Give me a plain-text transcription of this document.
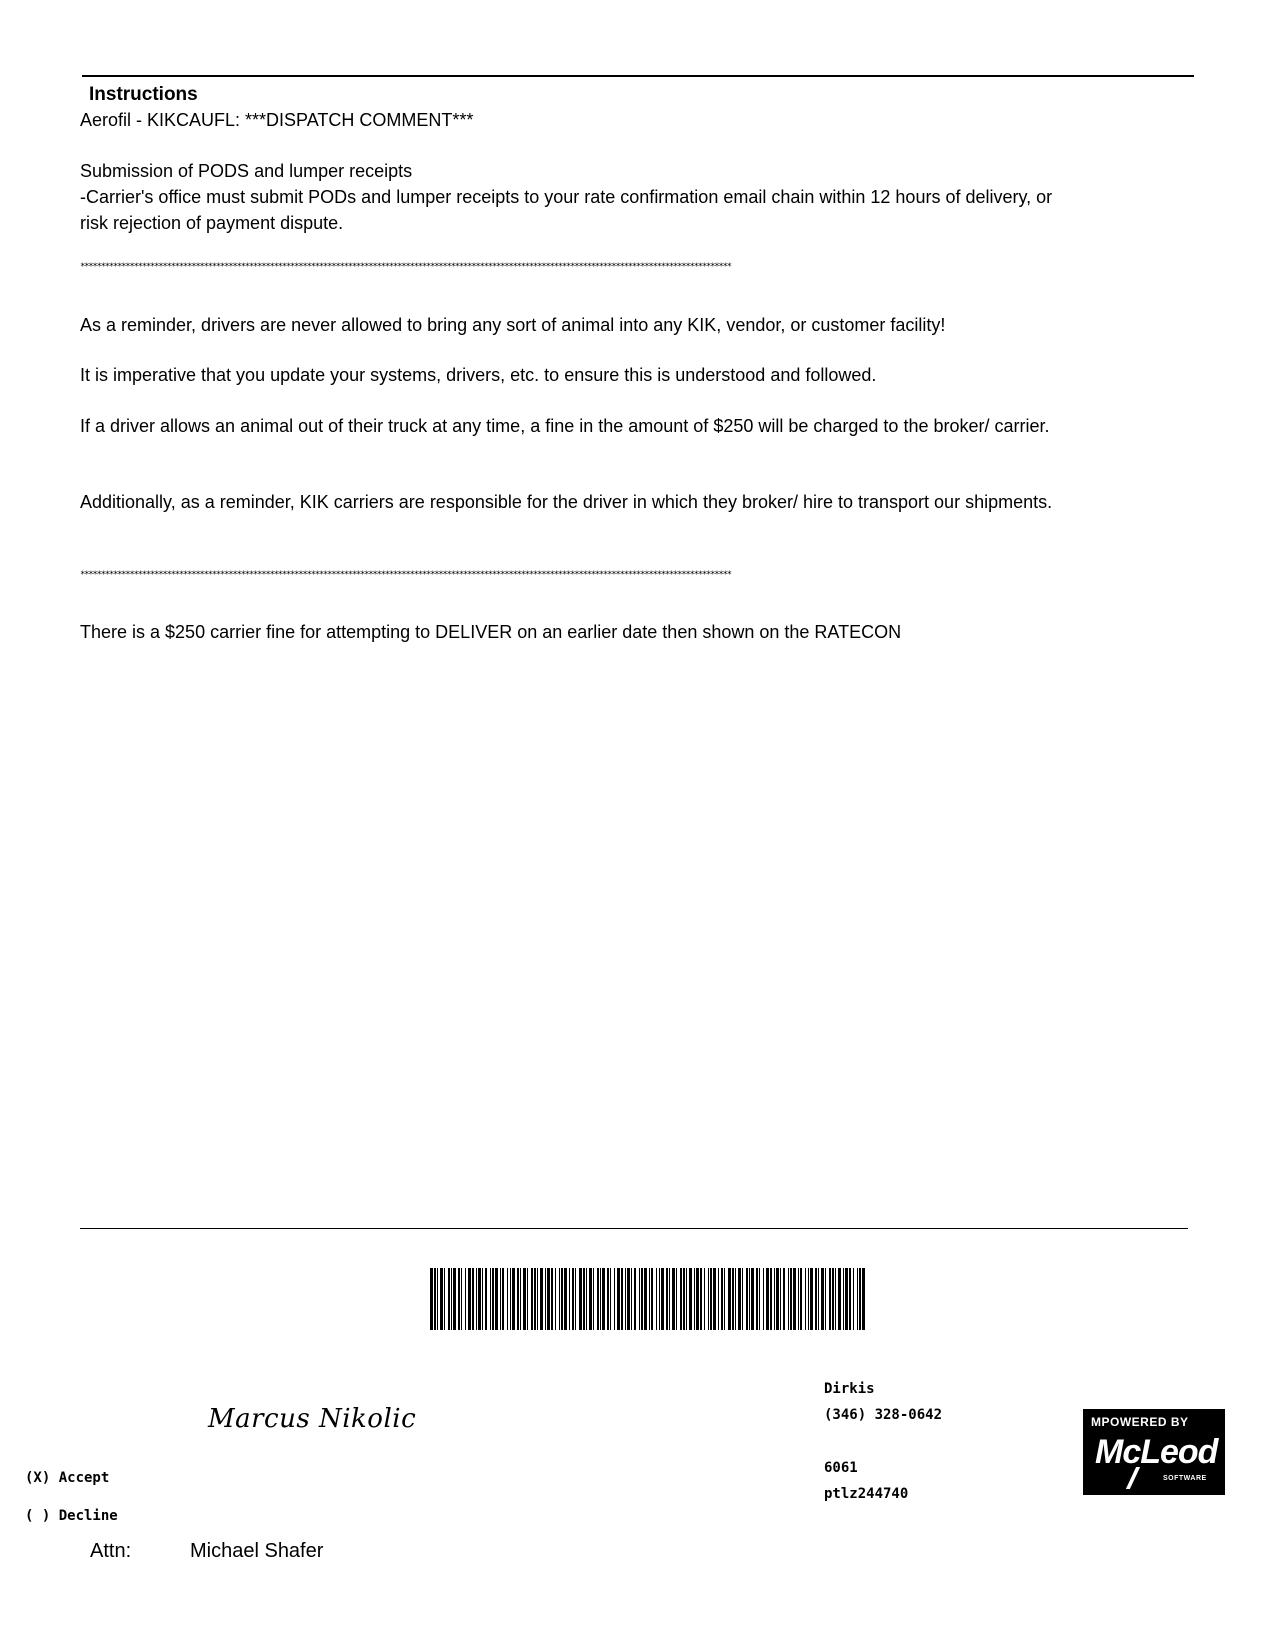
Instructions
Aerofil - KIKCAUFL: ***DISPATCH COMMENT***
Submission of PODS and lumper receipts
-Carrier's office must submit PODs and lumper receipts to your rate confirmation email chain within 12 hours of delivery, or risk rejection of payment dispute.
**************************************************************************************************************************************************************
As a reminder, drivers are never allowed to bring any sort of animal into any KIK, vendor, or customer facility!
It is imperative that you update your systems, drivers, etc. to ensure this is understood and followed.
If a driver allows an animal out of their truck at any time, a fine in the amount of $250 will be charged to the broker/ carrier.
Additionally, as a reminder, KIK carriers are responsible for the driver in which they broker/ hire to transport our shipments.
**************************************************************************************************************************************************************
There is a $250 carrier fine for attempting to DELIVER on an earlier date then shown on the RATECON
Marcus Nikolic
Dirkis
(346) 328-0642
6061
ptlz244740
(X) Accept
( ) Decline
Attn:	Michael Shafer
MPOWERED BY
McLeod
SOFTWARE
